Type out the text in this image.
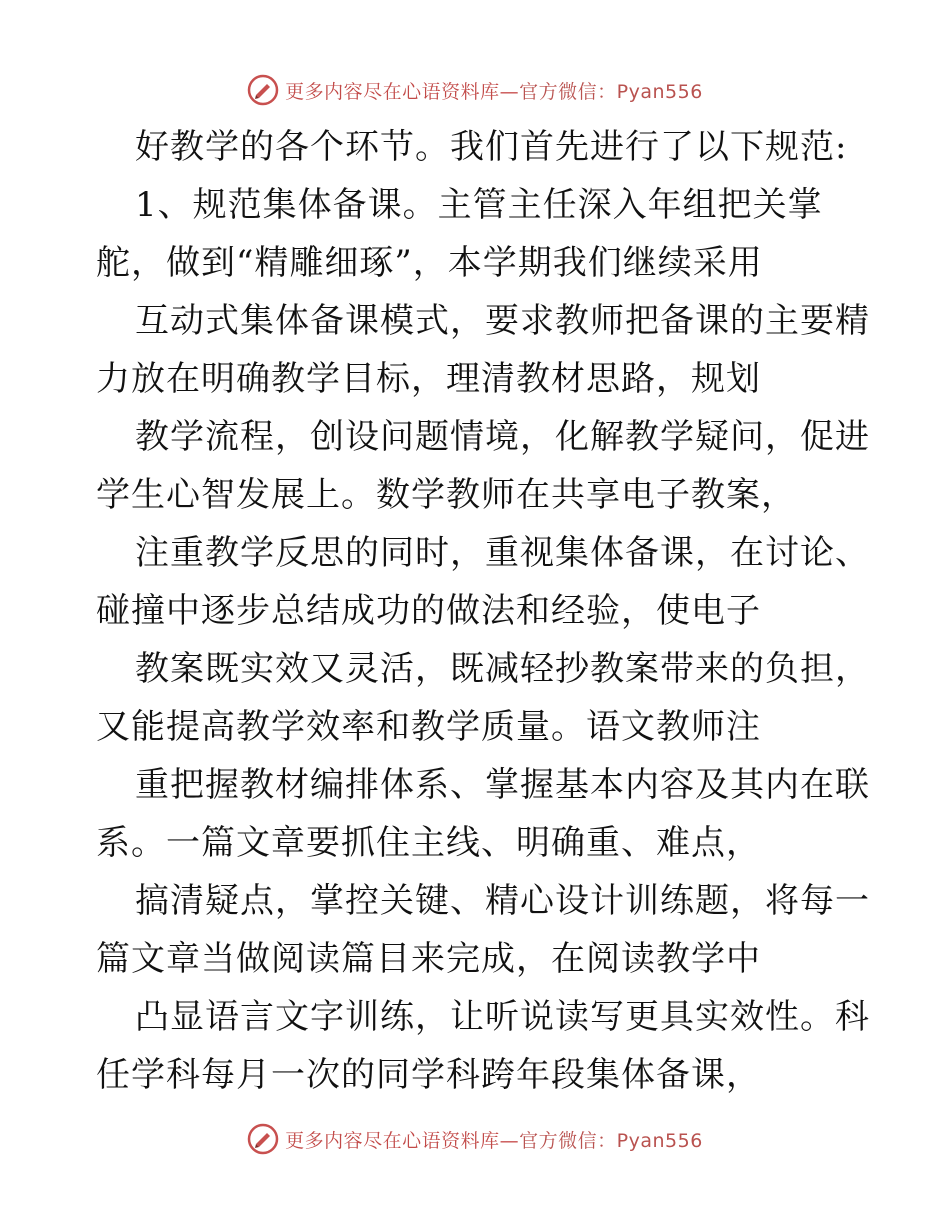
更多内容尽在心语资料库—官方微信：Pyan556
好教学的各个环节。我们首先进行了以下规范:
1、规范集体备课。主管主任深入年组把关掌
舵，做到“精雕细琢”，本学期我们继续采用
互动式集体备课模式，要求教师把备课的主要精
力放在明确教学目标，理清教材思路，规划
教学流程，创设问题情境，化解教学疑问，促进
学生心智发展上。数学教师在共享电子教案，
注重教学反思的同时，重视集体备课，在讨论、
碰撞中逐步总结成功的做法和经验，使电子
教案既实效又灵活，既减轻抄教案带来的负担，
又能提高教学效率和教学质量。语文教师注
重把握教材编排体系、掌握基本内容及其内在联
系。一篇文章要抓住主线、明确重、难点，
搞清疑点，掌控关键、精心设计训练题，将每一
篇文章当做阅读篇目来完成，在阅读教学中
凸显语言文字训练，让听说读写更具实效性。科
任学科每月一次的同学科跨年段集体备课，
更多内容尽在心语资料库—官方微信：Pyan556
